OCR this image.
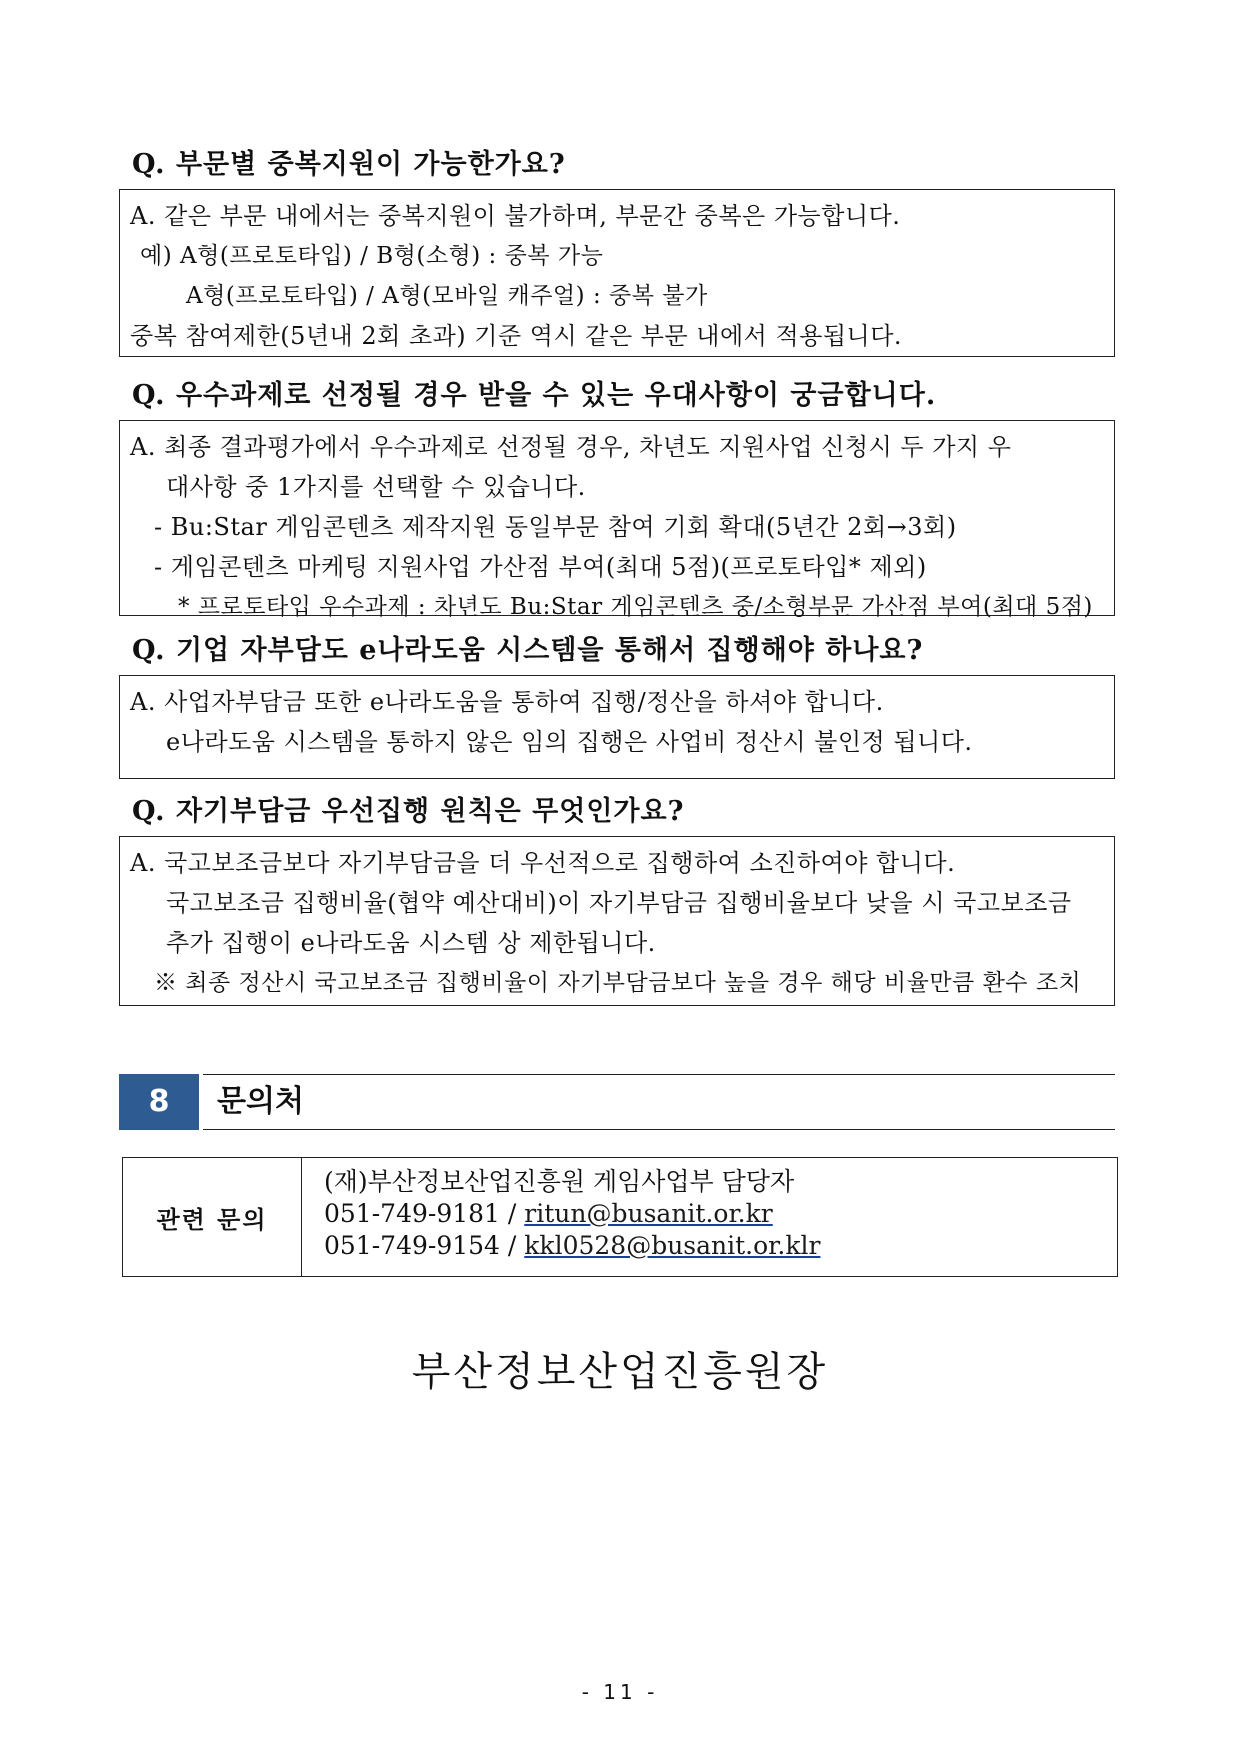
Q. 부문별 중복지원이 가능한가요?
A. 같은 부문 내에서는 중복지원이 불가하며, 부문간 중복은 가능합니다.
예) A형(프로토타입) / B형(소형) : 중복 가능
A형(프로토타입) / A형(모바일 캐주얼) : 중복 불가
중복 참여제한(5년내 2회 초과) 기준 역시 같은 부문 내에서 적용됩니다.
Q. 우수과제로 선정될 경우 받을 수 있는 우대사항이 궁금합니다.
A. 최종 결과평가에서 우수과제로 선정될 경우, 차년도 지원사업 신청시 두 가지 우
대사항 중 1가지를 선택할 수 있습니다.
- Bu:Star 게임콘텐츠 제작지원 동일부문 참여 기회 확대(5년간 2회→3회)
- 게임콘텐츠 마케팅 지원사업 가산점 부여(최대 5점)(프로토타입* 제외)
* 프로토타입 우수과제 : 차년도 Bu:Star 게임콘텐츠 중/소형부문 가산점 부여(최대 5점)
Q. 기업 자부담도 e나라도움 시스템을 통해서 집행해야 하나요?
A. 사업자부담금 또한 e나라도움을 통하여 집행/정산을 하셔야 합니다.
e나라도움 시스템을 통하지 않은 임의 집행은 사업비 정산시 불인정 됩니다.
Q. 자기부담금 우선집행 원칙은 무엇인가요?
A. 국고보조금보다 자기부담금을 더 우선적으로 집행하여 소진하여야 합니다.
국고보조금 집행비율(협약 예산대비)이 자기부담금 집행비율보다 낮을 시 국고보조금
추가 집행이 e나라도움 시스템 상 제한됩니다.
※ 최종 정산시 국고보조금 집행비율이 자기부담금보다 높을 경우 해당 비율만큼 환수 조치
8	문의처
관련 문의
(재)부산정보산업진흥원 게임사업부 담당자
051-749-9181 / ritun@busanit.or.kr
051-749-9154 / kkl0528@busanit.or.klr
부산정보산업진흥원장
- 11 -
